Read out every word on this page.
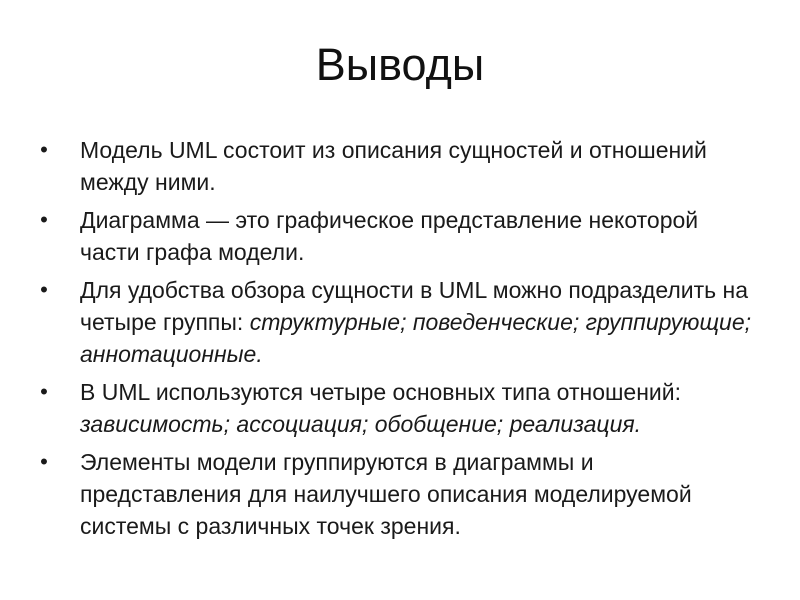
Выводы
• Модель UML состоит из описания сущностей и отношений между ними.
• Диаграмма — это графическое представление некоторой части графа модели.
• Для удобства обзора сущности в UML можно подразделить на четыре группы: структурные; поведенческие; группирующие; аннотационные.
• В UML используются четыре основных типа отношений:  зависимость; ассоциация; обобщение; реализация.
• Элементы модели группируются в диаграммы и представления для наилучшего описания моделируемой системы с различных точек зрения.
